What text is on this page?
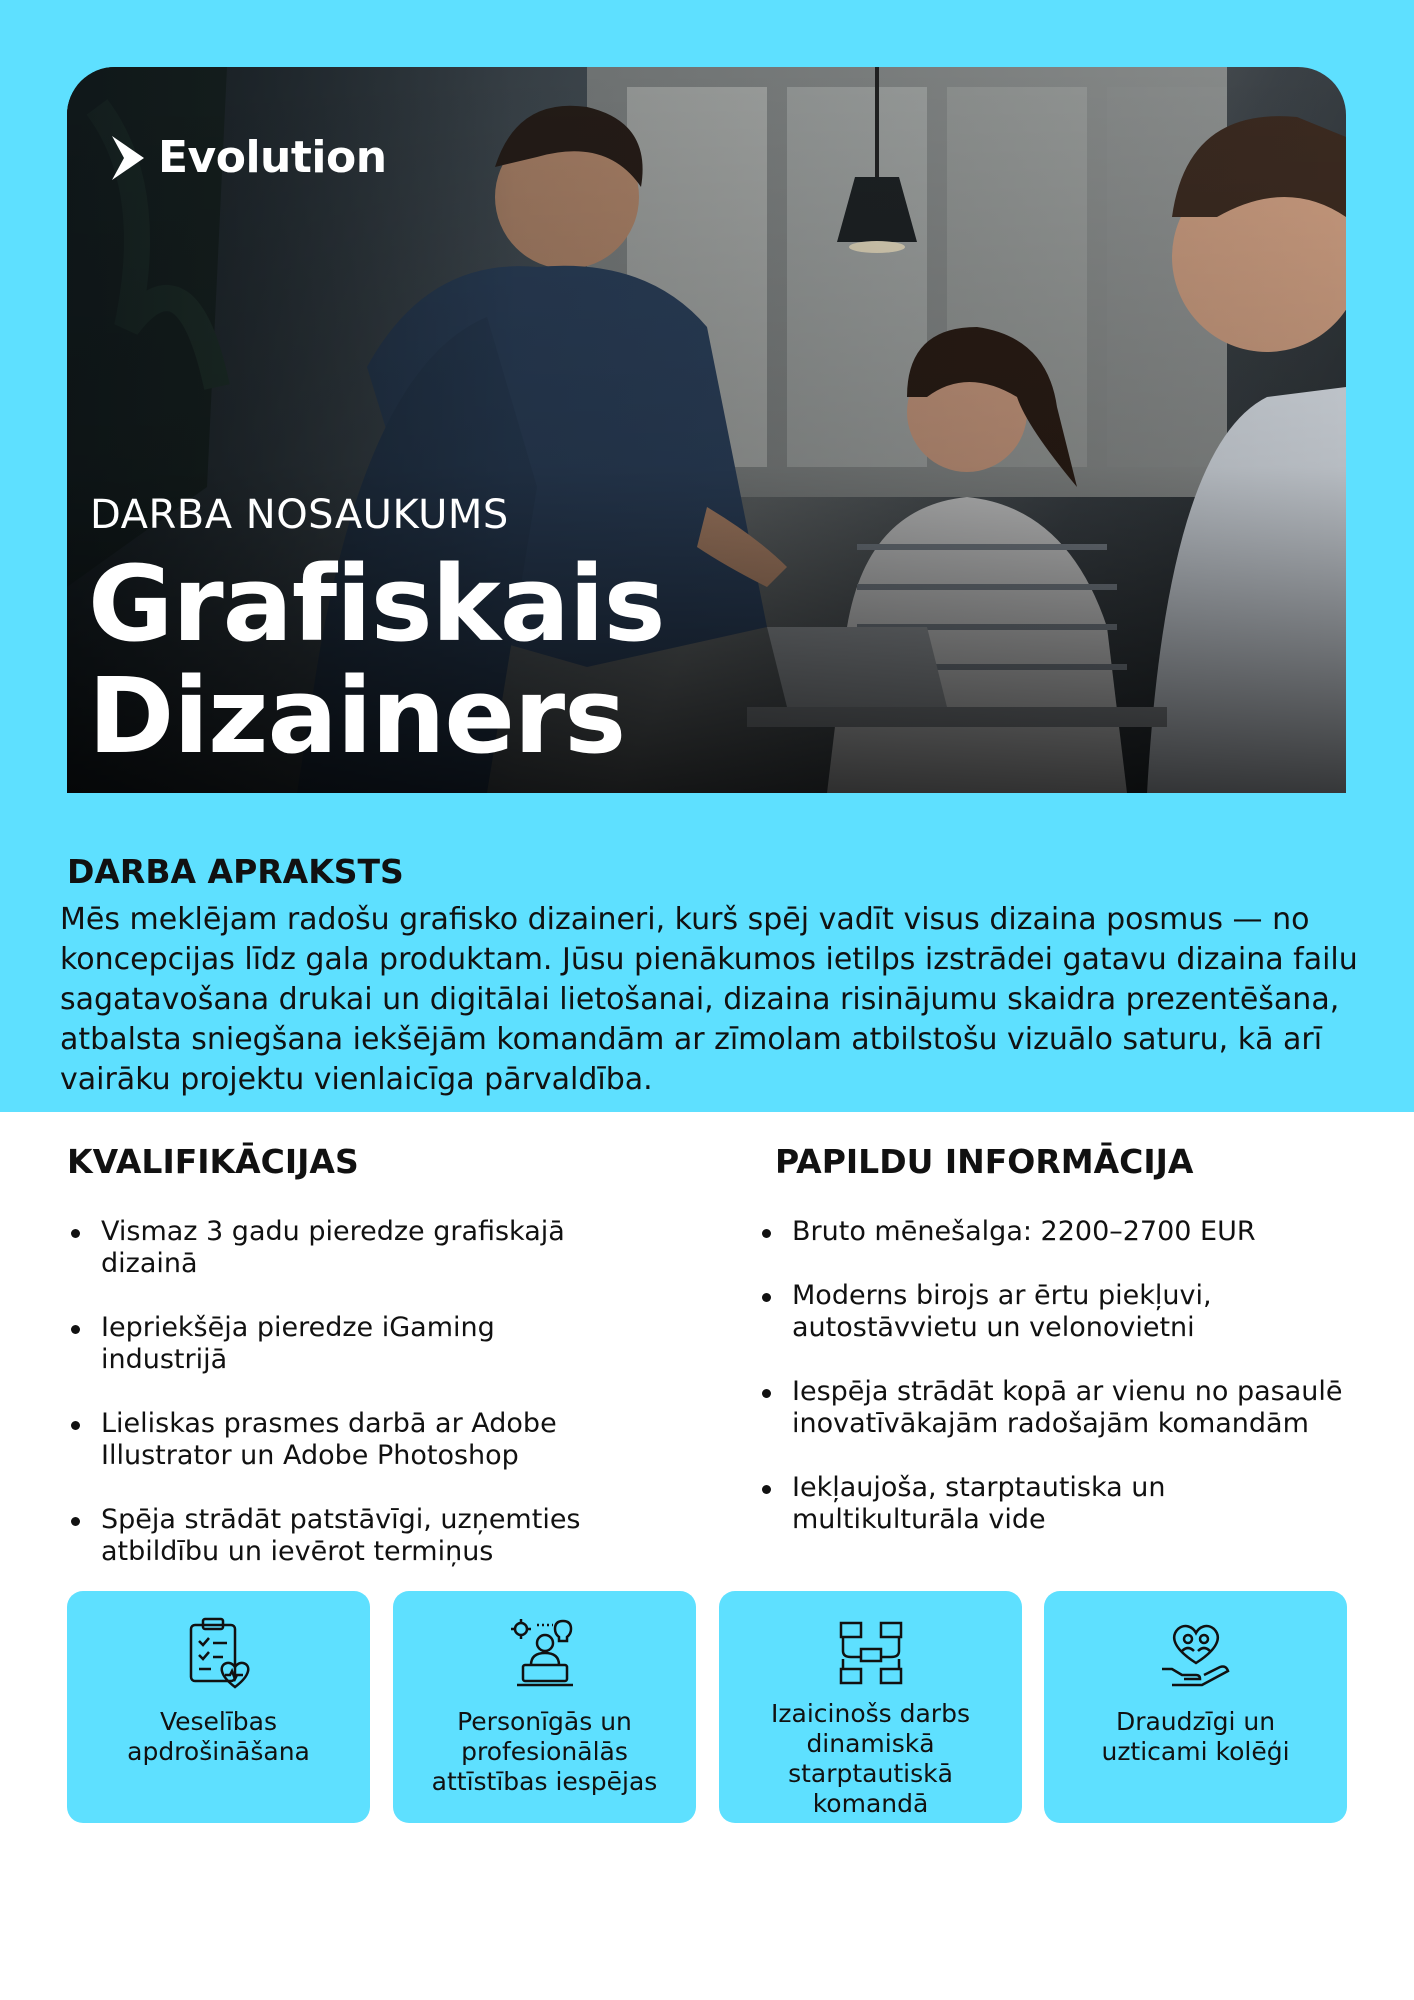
Evolution
DARBA NOSAUKUMS
Grafiskais
Dizainers
DARBA APRAKSTS
Mēs meklējam radošu grafisko dizaineri, kurš spēj vadīt visus dizaina posmus — no koncepcijas līdz gala produktam. Jūsu pienākumos ietilps izstrādei gatavu dizaina failu sagatavošana drukai un digitālai lietošanai, dizaina risinājumu skaidra prezentēšana, atbalsta sniegšana iekšējām komandām ar zīmolam atbilstošu vizuālo saturu, kā arī vairāku projektu vienlaicīga pārvaldība.
KVALIFIKĀCIJAS
Vismaz 3 gadu pieredze grafiskajā dizainā
Iepriekšēja pieredze iGaming industrijā
Lieliskas prasmes darbā ar Adobe Illustrator un Adobe Photoshop
Spēja strādāt patstāvīgi, uzņemties atbildību un ievērot termiņus
PAPILDU INFORMĀCIJA
Bruto mēnešalga: 2200–2700 EUR
Moderns birojs ar ērtu piekļuvi, autostāvvietu un velonovietni
Iespēja strādāt kopā ar vienu no pasaulē inovatīvākajām radošajām komandām
Iekļaujoša, starptautiska un multikulturāla vide
Veselības apdrošināšana
Personīgās un profesionālās attīstības iespējas
Izaicinošs darbs dinamiskā starptautiskā komandā
Draudzīgi un uzticami kolēģi
